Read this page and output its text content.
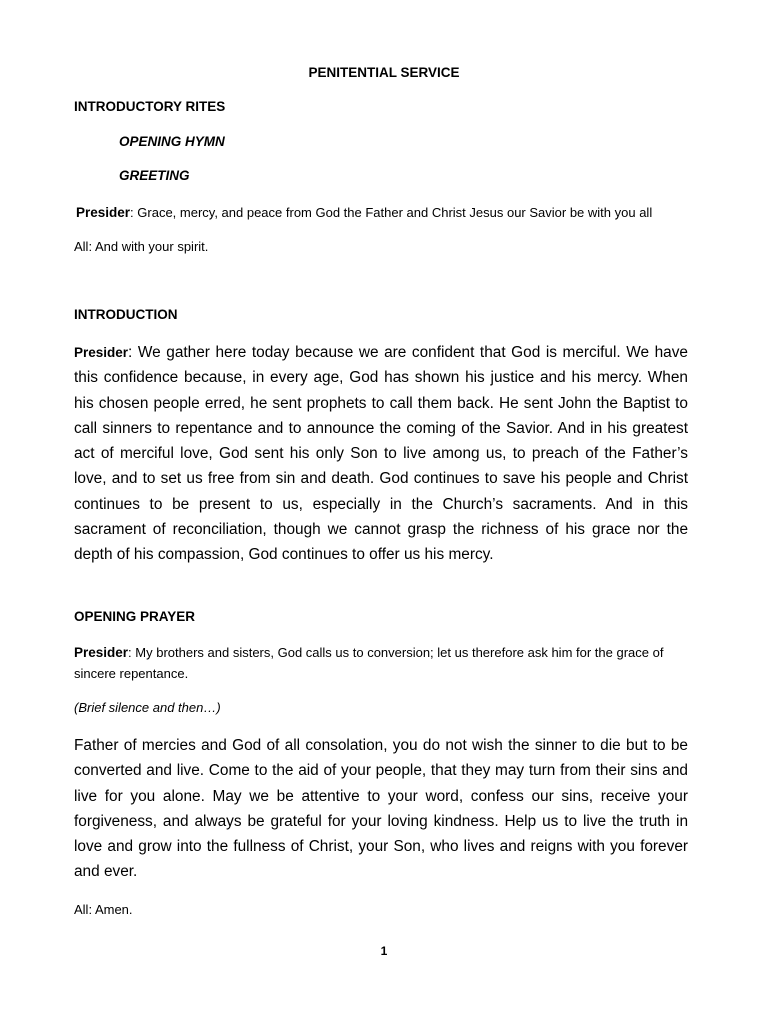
PENITENTIAL SERVICE
INTRODUCTORY RITES
OPENING HYMN
GREETING
Presider: Grace, mercy, and peace from God the Father and Christ Jesus our Savior be with you all
All: And with your spirit.
INTRODUCTION
Presider: We gather here today because we are confident that God is merciful. We have this confidence because, in every age, God has shown his justice and his mercy. When his chosen people erred, he sent prophets to call them back. He sent John the Baptist to call sinners to repentance and to announce the coming of the Savior. And in his greatest act of merciful love, God sent his only Son to live among us, to preach of the Father’s love, and to set us free from sin and death. God continues to save his people and Christ continues to be present to us, especially in the Church’s sacraments. And in this sacrament of reconciliation, though we cannot grasp the richness of his grace nor the depth of his compassion, God continues to offer us his mercy.
OPENING PRAYER
Presider: My brothers and sisters, God calls us to conversion; let us therefore ask him for the grace of sincere repentance.
(Brief silence and then…)
Father of mercies and God of all consolation, you do not wish the sinner to die but to be converted and live. Come to the aid of your people, that they may turn from their sins and live for you alone. May we be attentive to your word, confess our sins, receive your forgiveness, and always be grateful for your loving kindness. Help us to live the truth in love and grow into the fullness of Christ, your Son, who lives and reigns with you forever and ever.
All: Amen.
1
